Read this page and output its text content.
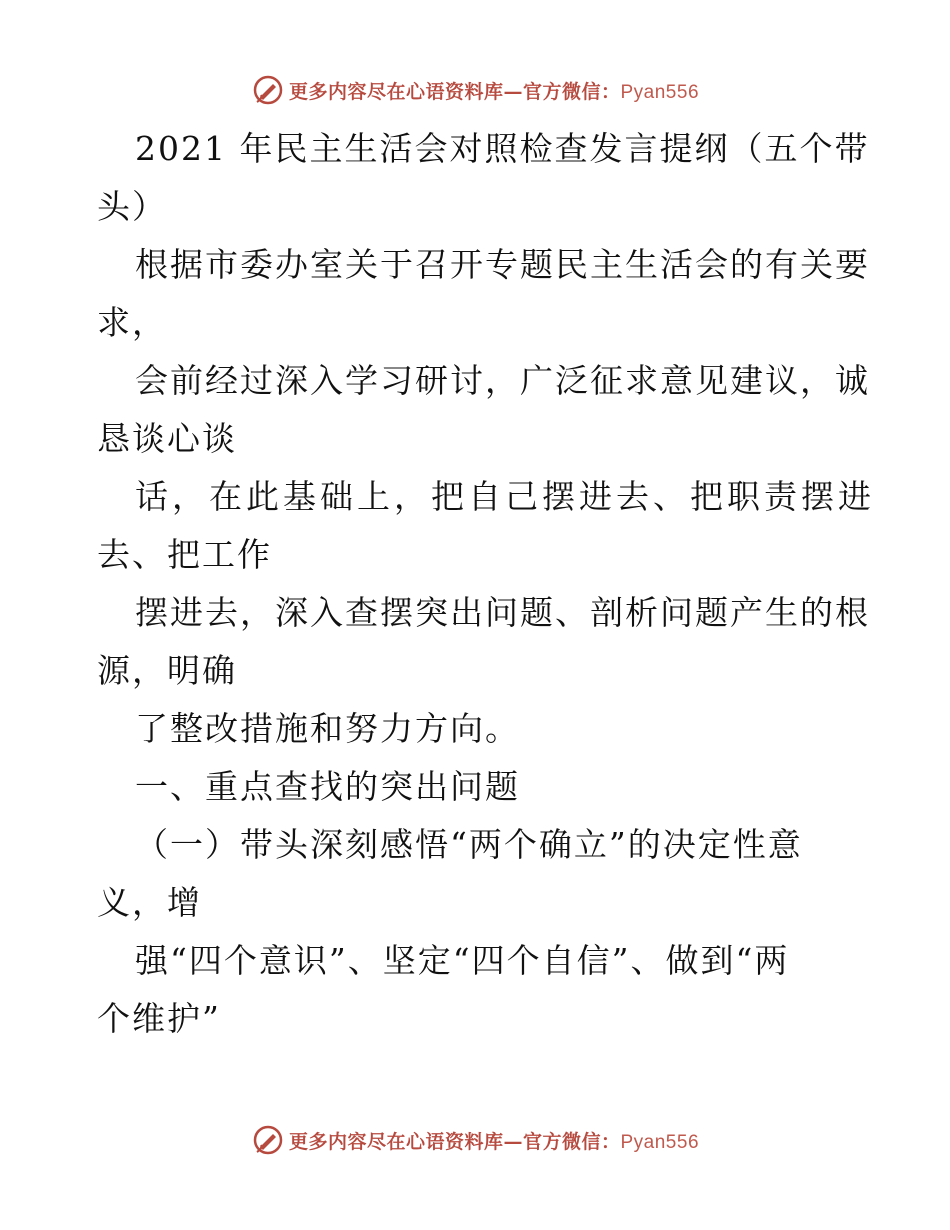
更多内容尽在心语资料库—官方微信：Pyan556
2021 年民主生活会对照检查发言提纲（五个带
头）
根据市委办室关于召开专题民主生活会的有关要
求，
会前经过深入学习研讨，广泛征求意见建议，诚
恳谈心谈
话，在此基础上，把自己摆进去、把职责摆进
去、把工作
摆进去，深入查摆突出问题、剖析问题产生的根
源，明确
了整改措施和努力方向。
一、重点查找的突出问题
（一）带头深刻感悟“两个确立”的决定性意
义，增
强“四个意识”、坚定“四个自信”、做到“两
个维护”
更多内容尽在心语资料库—官方微信：Pyan556
